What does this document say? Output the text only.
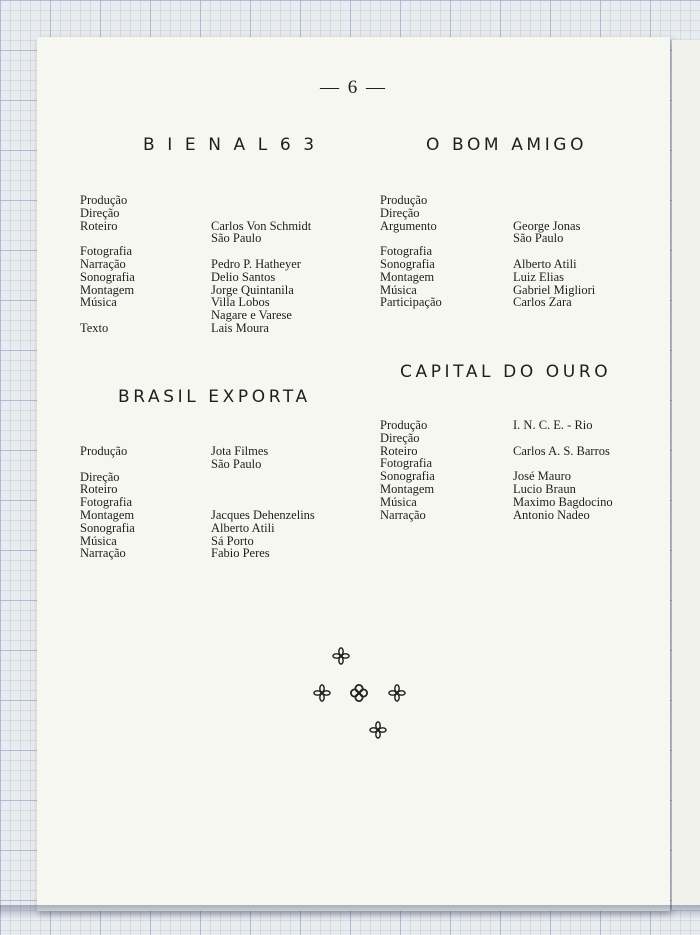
— 6 —
B I E N A L 6 3
Produção
Direção
Roteiro	Carlos Von Schmidt
São Paulo
Fotografia
Narração	Pedro P. Hatheyer
Sonografia	Delio Santos
Montagem	Jorge Quintanila
Música	Villa Lobos
Nagare e Varese
Texto	Lais Moura
O BOM AMIGO
Produção
Direção
Argumento	George Jonas
São Paulo
Fotografia
Sonografia	Alberto Atili
Montagem	Luiz Elias
Música	Gabriel Migliori
Participação	Carlos Zara
BRASIL EXPORTA
Produção	Jota Filmes
São Paulo
Direção
Roteiro
Fotografia
Montagem	Jacques Dehenzelins
Sonografia	Alberto Atili
Música	Sá Porto
Narração	Fabio Peres
CAPITAL DO OURO
Produção	I. N. C. E. - Rio
Direção
Roteiro	Carlos A. S. Barros
Fotografia
Sonografia	José Mauro
Montagem	Lucio Braun
Música	Maximo Bagdocino
Narração	Antonio Nadeo
